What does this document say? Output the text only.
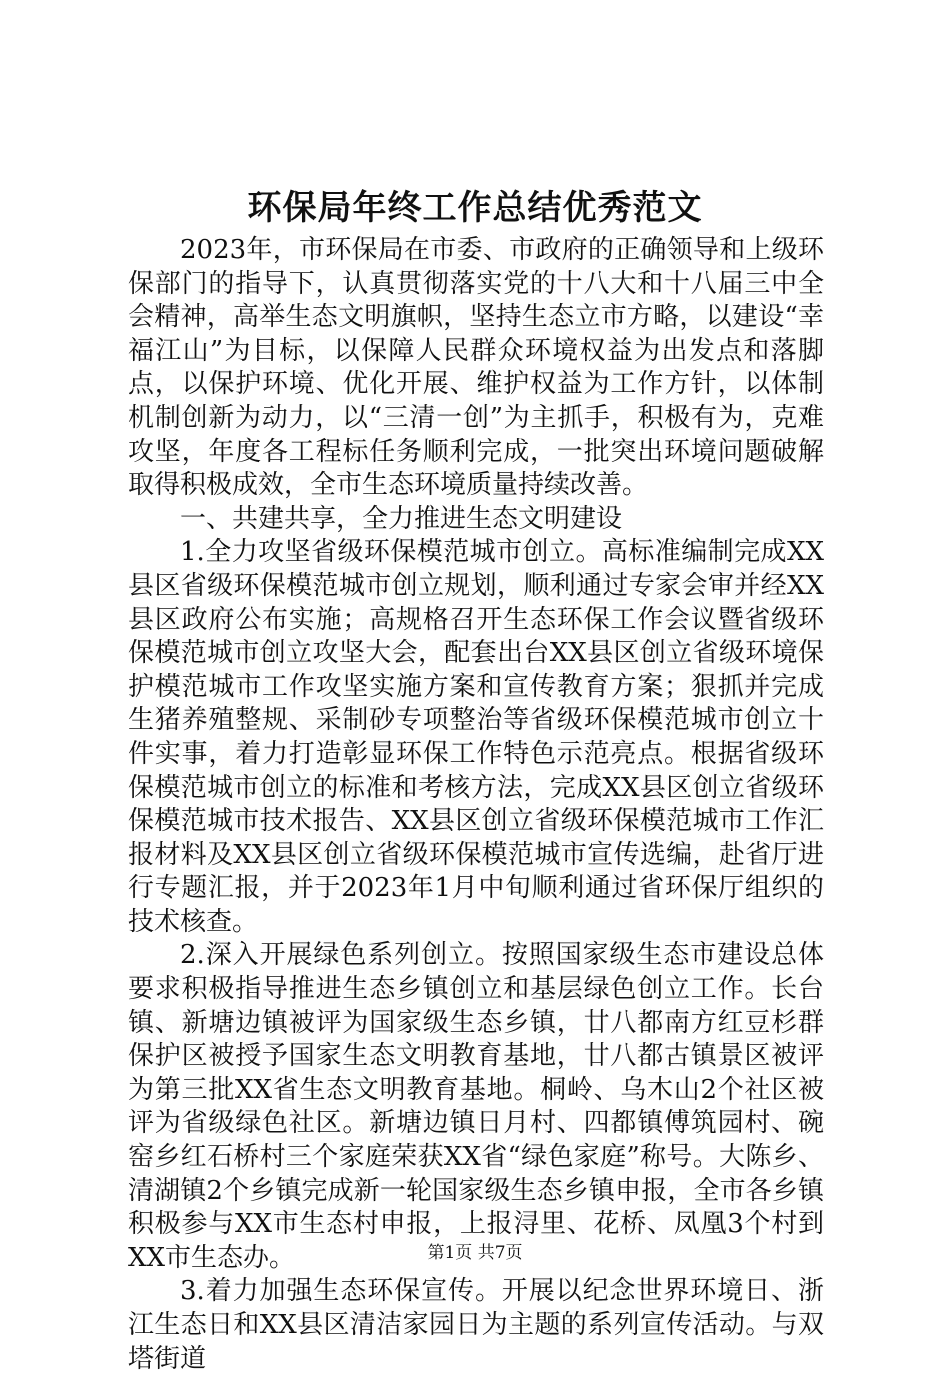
环保局年终工作总结优秀范文

2023年，市环保局在市委、市政府的正确领导和上级环保部门的指导下，认真贯彻落实党的十八大和十八届三中全会精神，高举生态文明旗帜，坚持生态立市方略，以建设“幸福江山”为目标，以保障人民群众环境权益为出发点和落脚点，以保护环境、优化开展、维护权益为工作方针，以体制机制创新为动力，以“三清一创”为主抓手，积极有为，克难攻坚，年度各工程标任务顺利完成，一批突出环境问题破解取得积极成效，全市生态环境质量持续改善。

一、共建共享，全力推进生态文明建设

1.全力攻坚省级环保模范城市创立。高标准编制完成XX县区省级环保模范城市创立规划，顺利通过专家会审并经XX县区政府公布实施；高规格召开生态环保工作会议暨省级环保模范城市创立攻坚大会，配套出台XX县区创立省级环境保护模范城市工作攻坚实施方案和宣传教育方案；狠抓并完成生猪养殖整规、采制砂专项整治等省级环保模范城市创立十件实事，着力打造彰显环保工作特色示范亮点。根据省级环保模范城市创立的标准和考核方法，完成XX县区创立省级环保模范城市技术报告、XX县区创立省级环保模范城市工作汇报材料及XX县区创立省级环保模范城市宣传选编，赴省厅进行专题汇报，并于2023年1月中旬顺利通过省环保厅组织的技术核查。

2.深入开展绿色系列创立。按照国家级生态市建设总体要求积极指导推进生态乡镇创立和基层绿色创立工作。长台镇、新塘边镇被评为国家级生态乡镇，廿八都南方红豆杉群保护区被授予国家生态文明教育基地，廿八都古镇景区被评为第三批XX省生态文明教育基地。桐岭、乌木山2个社区被评为省级绿色社区。新塘边镇日月村、四都镇傅筑园村、碗窑乡红石桥村三个家庭荣获XX省“绿色家庭”称号。大陈乡、清湖镇2个乡镇完成新一轮国家级生态乡镇申报，全市各乡镇积极参与XX市生态村申报，上报浔里、花桥、凤凰3个村到XX市生态办。

3.着力加强生态环保宣传。开展以纪念世界环境日、浙江生态日和XX县区清洁家园日为主题的系列宣传活动。与双塔街道

第1页 共7页
